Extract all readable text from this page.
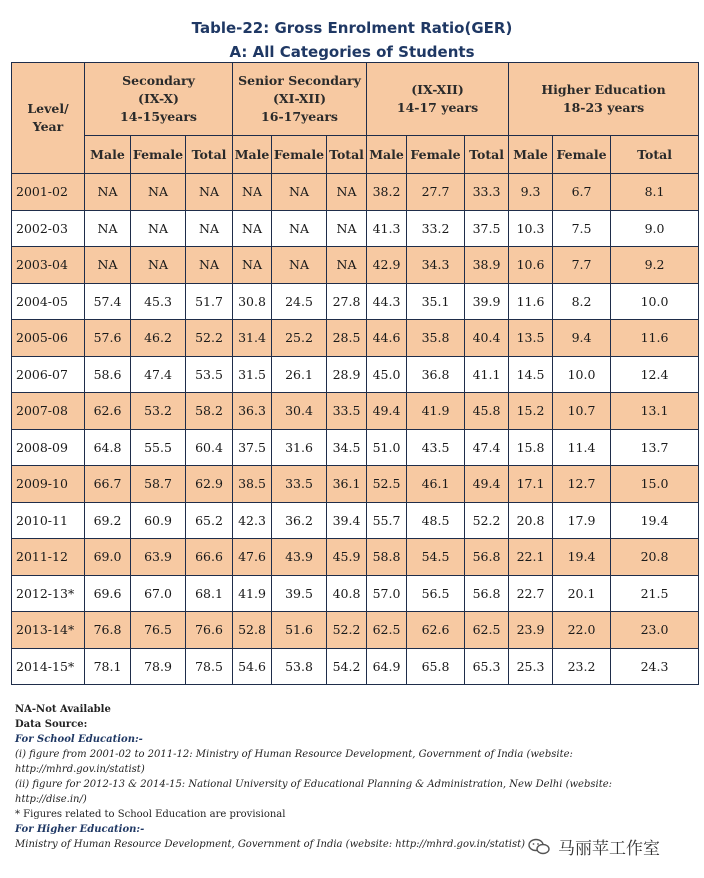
Table-22: Gross Enrolment Ratio(GER)
A: All Categories of Students
Level/
Year	Secondary
(IX-X)
14-15years			Senior Secondary
(XI-XII)
16-17years			(IX-XII)
14-17 years			Higher Education
18-23 years		
	Male	Female	Total	Male	Female	Total	Male	Female	Total	Male	Female	Total
2001-02	NA	NA	NA	NA	NA	NA	38.2	27.7	33.3	9.3	6.7	8.1
2002-03	NA	NA	NA	NA	NA	NA	41.3	33.2	37.5	10.3	7.5	9.0
2003-04	NA	NA	NA	NA	NA	NA	42.9	34.3	38.9	10.6	7.7	9.2
2004-05	57.4	45.3	51.7	30.8	24.5	27.8	44.3	35.1	39.9	11.6	8.2	10.0
2005-06	57.6	46.2	52.2	31.4	25.2	28.5	44.6	35.8	40.4	13.5	9.4	11.6
2006-07	58.6	47.4	53.5	31.5	26.1	28.9	45.0	36.8	41.1	14.5	10.0	12.4
2007-08	62.6	53.2	58.2	36.3	30.4	33.5	49.4	41.9	45.8	15.2	10.7	13.1
2008-09	64.8	55.5	60.4	37.5	31.6	34.5	51.0	43.5	47.4	15.8	11.4	13.7
2009-10	66.7	58.7	62.9	38.5	33.5	36.1	52.5	46.1	49.4	17.1	12.7	15.0
2010-11	69.2	60.9	65.2	42.3	36.2	39.4	55.7	48.5	52.2	20.8	17.9	19.4
2011-12	69.0	63.9	66.6	47.6	43.9	45.9	58.8	54.5	56.8	22.1	19.4	20.8
2012-13*	69.6	67.0	68.1	41.9	39.5	40.8	57.0	56.5	56.8	22.7	20.1	21.5
2013-14*	76.8	76.5	76.6	52.8	51.6	52.2	62.5	62.6	62.5	23.9	22.0	23.0
2014-15*	78.1	78.9	78.5	54.6	53.8	54.2	64.9	65.8	65.3	25.3	23.2	24.3
NA-Not Available
Data Source:
For School Education:-
(i) figure from 2001-02 to 2011-12: Ministry of Human Resource Development, Government of India (website:
http://mhrd.gov.in/statist)
(ii) figure for 2012-13 & 2014-15: National University of Educational Planning & Administration, New Delhi (website:
http://dise.in/)
* Figures related to School Education are provisional
For Higher Education:-
Ministry of Human Resource Development, Government of India (website: http://mhrd.gov.in/statist)	马丽苹工作室
